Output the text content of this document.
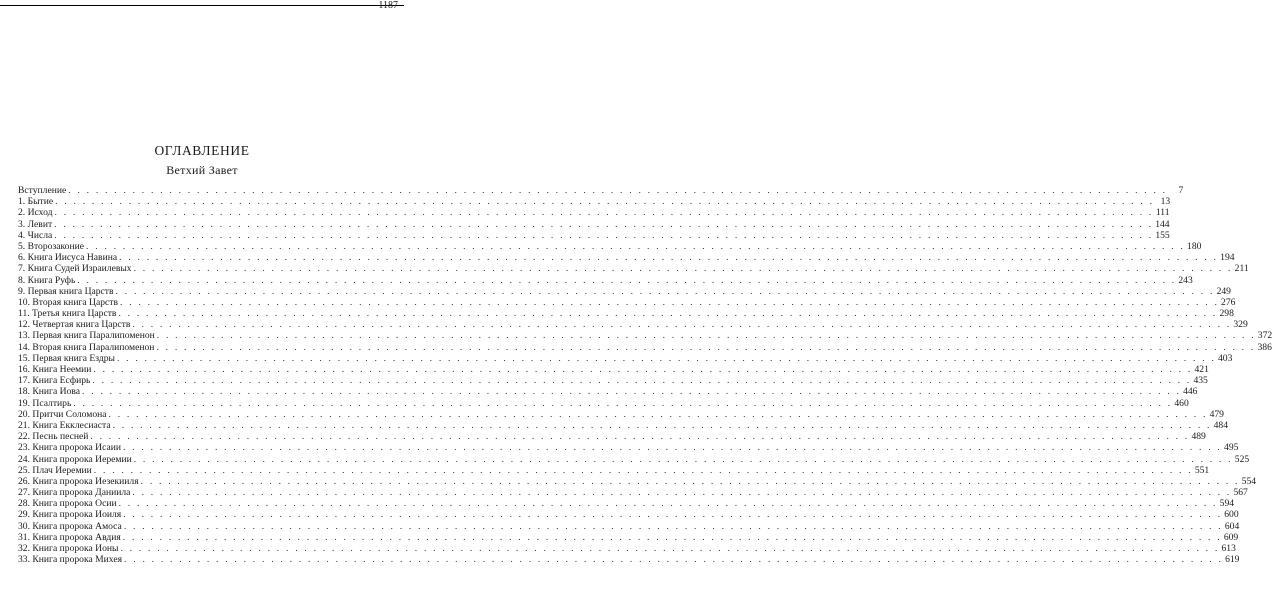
1187
ОГЛАВЛЕНИЕ
Ветхий Завет
Вступление . . . . . . . . . . . . . . . . . . . . . . . . . . . . . . . . . . . . . . . . . . . . . . . . . . . . . . . . . . . . . . . . . . . . . . . . . . . . . . . . . . . . . . . . . . . . . . . . . . . . . . . . . . . . . . . . . . . . . . . .	7
1. Бытие . . . . . . . . . . . . . . . . . . . . . . . . . . . . . . . . . . . . . . . . . . . . . . . . . . . . . . . . . . . . . . . . . . . . . . . . . . . . . . . . . . . . . . . . . . . . . . . . . . . . . . . . . . . . . . . . . . . . . . . . 13
2. Исход . . . . . . . . . . . . . . . . . . . . . . . . . . . . . . . . . . . . . . . . . . . . . . . . . . . . . . . . . . . . . . . . . . . . . . . . . . . . . . . . . . . . . . . . . . . . . . . . . . . . . . . . . . . . . . . . . . . . . . . . 111
3. Левит . . . . . . . . . . . . . . . . . . . . . . . . . . . . . . . . . . . . . . . . . . . . . . . . . . . . . . . . . . . . . . . . . . . . . . . . . . . . . . . . . . . . . . . . . . . . . . . . . . . . . . . . . . . . . . . . . . . . . . . . 144
4. Числа . . . . . . . . . . . . . . . . . . . . . . . . . . . . . . . . . . . . . . . . . . . . . . . . . . . . . . . . . . . . . . . . . . . . . . . . . . . . . . . . . . . . . . . . . . . . . . . . . . . . . . . . . . . . . . . . . . . . . . . . 155
5. Второзаконие . . . . . . . . . . . . . . . . . . . . . . . . . . . . . . . . . . . . . . . . . . . . . . . . . . . . . . . . . . . . . . . . . . . . . . . . . . . . . . . . . . . . . . . . . . . . . . . . . . . . . . . . . . . . . . . . . . . . . . . . 180
6. Книга Иисуса Навина . . . . . . . . . . . . . . . . . . . . . . . . . . . . . . . . . . . . . . . . . . . . . . . . . . . . . . . . . . . . . . . . . . . . . . . . . . . . . . . . . . . . . . . . . . . . . . . . . . . . . . . . . . . . . . . . . . . . . . . . 194
7. Книга Судей Израилевых . . . . . . . . . . . . . . . . . . . . . . . . . . . . . . . . . . . . . . . . . . . . . . . . . . . . . . . . . . . . . . . . . . . . . . . . . . . . . . . . . . . . . . . . . . . . . . . . . . . . . . . . . . . . . . . . . . . . . . . . 211
8. Книга Руфь . . . . . . . . . . . . . . . . . . . . . . . . . . . . . . . . . . . . . . . . . . . . . . . . . . . . . . . . . . . . . . . . . . . . . . . . . . . . . . . . . . . . . . . . . . . . . . . . . . . . . . . . . . . . . . . . . . . . . . . . 243
9. Первая книга Царств . . . . . . . . . . . . . . . . . . . . . . . . . . . . . . . . . . . . . . . . . . . . . . . . . . . . . . . . . . . . . . . . . . . . . . . . . . . . . . . . . . . . . . . . . . . . . . . . . . . . . . . . . . . . . . . . . . . . . . . . 249
10. Вторая книга Царств . . . . . . . . . . . . . . . . . . . . . . . . . . . . . . . . . . . . . . . . . . . . . . . . . . . . . . . . . . . . . . . . . . . . . . . . . . . . . . . . . . . . . . . . . . . . . . . . . . . . . . . . . . . . . . . . . . . . . . . . 276
11. Третья книга Царств . . . . . . . . . . . . . . . . . . . . . . . . . . . . . . . . . . . . . . . . . . . . . . . . . . . . . . . . . . . . . . . . . . . . . . . . . . . . . . . . . . . . . . . . . . . . . . . . . . . . . . . . . . . . . . . . . . . . . . . . 298
12. Четвертая книга Царств . . . . . . . . . . . . . . . . . . . . . . . . . . . . . . . . . . . . . . . . . . . . . . . . . . . . . . . . . . . . . . . . . . . . . . . . . . . . . . . . . . . . . . . . . . . . . . . . . . . . . . . . . . . . . . . . . . . . . . . . 329
13. Первая книга Паралипоменон . . . . . . . . . . . . . . . . . . . . . . . . . . . . . . . . . . . . . . . . . . . . . . . . . . . . . . . . . . . . . . . . . . . . . . . . . . . . . . . . . . . . . . . . . . . . . . . . . . . . . . . . . . . . . . . . . . . . . . . . 372
14. Вторая книга Паралипоменон . . . . . . . . . . . . . . . . . . . . . . . . . . . . . . . . . . . . . . . . . . . . . . . . . . . . . . . . . . . . . . . . . . . . . . . . . . . . . . . . . . . . . . . . . . . . . . . . . . . . . . . . . . . . . . . . . . . . . . . . 386
15. Первая книга Ездры . . . . . . . . . . . . . . . . . . . . . . . . . . . . . . . . . . . . . . . . . . . . . . . . . . . . . . . . . . . . . . . . . . . . . . . . . . . . . . . . . . . . . . . . . . . . . . . . . . . . . . . . . . . . . . . . . . . . . . . . 403
16. Книга Неемии . . . . . . . . . . . . . . . . . . . . . . . . . . . . . . . . . . . . . . . . . . . . . . . . . . . . . . . . . . . . . . . . . . . . . . . . . . . . . . . . . . . . . . . . . . . . . . . . . . . . . . . . . . . . . . . . . . . . . . . . 421
17. Книга Есфирь . . . . . . . . . . . . . . . . . . . . . . . . . . . . . . . . . . . . . . . . . . . . . . . . . . . . . . . . . . . . . . . . . . . . . . . . . . . . . . . . . . . . . . . . . . . . . . . . . . . . . . . . . . . . . . . . . . . . . . . . 435
18. Книга Иова . . . . . . . . . . . . . . . . . . . . . . . . . . . . . . . . . . . . . . . . . . . . . . . . . . . . . . . . . . . . . . . . . . . . . . . . . . . . . . . . . . . . . . . . . . . . . . . . . . . . . . . . . . . . . . . . . . . . . . . . 446
19. Псалтирь . . . . . . . . . . . . . . . . . . . . . . . . . . . . . . . . . . . . . . . . . . . . . . . . . . . . . . . . . . . . . . . . . . . . . . . . . . . . . . . . . . . . . . . . . . . . . . . . . . . . . . . . . . . . . . . . . . . . . . . . 460
20. Притчи Соломона . . . . . . . . . . . . . . . . . . . . . . . . . . . . . . . . . . . . . . . . . . . . . . . . . . . . . . . . . . . . . . . . . . . . . . . . . . . . . . . . . . . . . . . . . . . . . . . . . . . . . . . . . . . . . . . . . . . . . . . . 479
21. Книга Екклесиаста . . . . . . . . . . . . . . . . . . . . . . . . . . . . . . . . . . . . . . . . . . . . . . . . . . . . . . . . . . . . . . . . . . . . . . . . . . . . . . . . . . . . . . . . . . . . . . . . . . . . . . . . . . . . . . . . . . . . . . . . 484
22. Песнь песней . . . . . . . . . . . . . . . . . . . . . . . . . . . . . . . . . . . . . . . . . . . . . . . . . . . . . . . . . . . . . . . . . . . . . . . . . . . . . . . . . . . . . . . . . . . . . . . . . . . . . . . . . . . . . . . . . . . . . . . . 489
23. Книга пророка Исаии . . . . . . . . . . . . . . . . . . . . . . . . . . . . . . . . . . . . . . . . . . . . . . . . . . . . . . . . . . . . . . . . . . . . . . . . . . . . . . . . . . . . . . . . . . . . . . . . . . . . . . . . . . . . . . . . . . . . . . . . 495
24. Книга пророка Иеремии . . . . . . . . . . . . . . . . . . . . . . . . . . . . . . . . . . . . . . . . . . . . . . . . . . . . . . . . . . . . . . . . . . . . . . . . . . . . . . . . . . . . . . . . . . . . . . . . . . . . . . . . . . . . . . . . . . . . . . . . 525
25. Плач Иеремии . . . . . . . . . . . . . . . . . . . . . . . . . . . . . . . . . . . . . . . . . . . . . . . . . . . . . . . . . . . . . . . . . . . . . . . . . . . . . . . . . . . . . . . . . . . . . . . . . . . . . . . . . . . . . . . . . . . . . . . . 551
26. Книга пророка Иезекииля . . . . . . . . . . . . . . . . . . . . . . . . . . . . . . . . . . . . . . . . . . . . . . . . . . . . . . . . . . . . . . . . . . . . . . . . . . . . . . . . . . . . . . . . . . . . . . . . . . . . . . . . . . . . . . . . . . . . . . . . 554
27. Книга пророка Даниила . . . . . . . . . . . . . . . . . . . . . . . . . . . . . . . . . . . . . . . . . . . . . . . . . . . . . . . . . . . . . . . . . . . . . . . . . . . . . . . . . . . . . . . . . . . . . . . . . . . . . . . . . . . . . . . . . . . . . . . . 567
28. Книга пророка Осии . . . . . . . . . . . . . . . . . . . . . . . . . . . . . . . . . . . . . . . . . . . . . . . . . . . . . . . . . . . . . . . . . . . . . . . . . . . . . . . . . . . . . . . . . . . . . . . . . . . . . . . . . . . . . . . . . . . . . . . . 594
29. Книга пророка Иоиля . . . . . . . . . . . . . . . . . . . . . . . . . . . . . . . . . . . . . . . . . . . . . . . . . . . . . . . . . . . . . . . . . . . . . . . . . . . . . . . . . . . . . . . . . . . . . . . . . . . . . . . . . . . . . . . . . . . . . . . . 600
30. Книга пророка Амоса . . . . . . . . . . . . . . . . . . . . . . . . . . . . . . . . . . . . . . . . . . . . . . . . . . . . . . . . . . . . . . . . . . . . . . . . . . . . . . . . . . . . . . . . . . . . . . . . . . . . . . . . . . . . . . . . . . . . . . . . 604
31. Книга пророка Авдия . . . . . . . . . . . . . . . . . . . . . . . . . . . . . . . . . . . . . . . . . . . . . . . . . . . . . . . . . . . . . . . . . . . . . . . . . . . . . . . . . . . . . . . . . . . . . . . . . . . . . . . . . . . . . . . . . . . . . . . . 609
32. Книга пророка Ионы . . . . . . . . . . . . . . . . . . . . . . . . . . . . . . . . . . . . . . . . . . . . . . . . . . . . . . . . . . . . . . . . . . . . . . . . . . . . . . . . . . . . . . . . . . . . . . . . . . . . . . . . . . . . . . . . . . . . . . . . 613
33. Книга пророка Михея . . . . . . . . . . . . . . . . . . . . . . . . . . . . . . . . . . . . . . . . . . . . . . . . . . . . . . . . . . . . . . . . . . . . . . . . . . . . . . . . . . . . . . . . . . . . . . . . . . . . . . . . . . . . . . . . . . . . . . . . 619
